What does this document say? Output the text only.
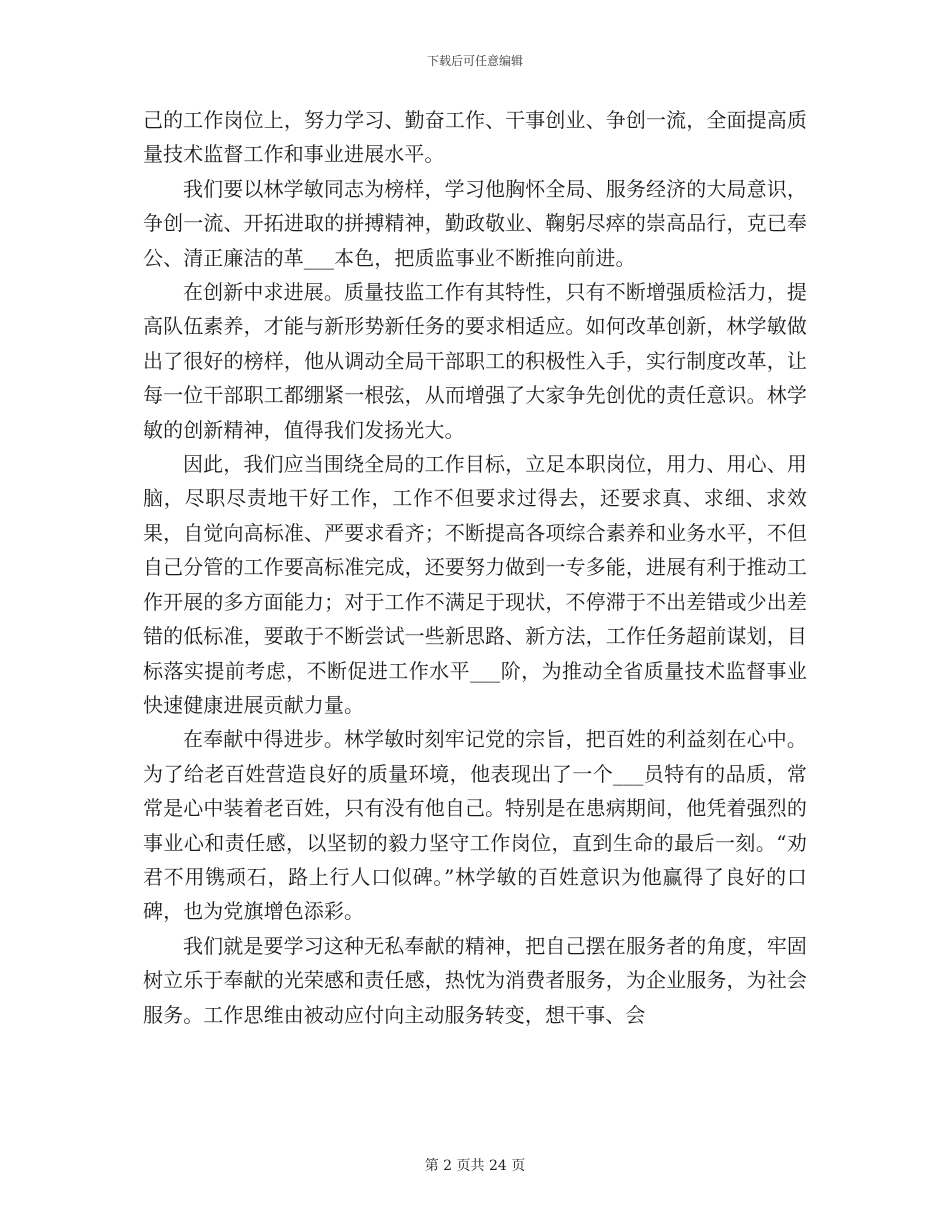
下载后可任意编辑

己的工作岗位上，努力学习、勤奋工作、干事创业、争创一流，全面提高质量技术监督工作和事业进展水平。

我们要以林学敏同志为榜样，学习他胸怀全局、服务经济的大局意识，争创一流、开拓进取的拼搏精神，勤政敬业、鞠躬尽瘁的崇高品行，克已奉公、清正廉洁的革___本色，把质监事业不断推向前进。

在创新中求进展。质量技监工作有其特性，只有不断增强质检活力，提高队伍素养，才能与新形势新任务的要求相适应。如何改革创新，林学敏做出了很好的榜样，他从调动全局干部职工的积极性入手，实行制度改革，让每一位干部职工都绷紧一根弦，从而增强了大家争先创优的责任意识。林学敏的创新精神，值得我们发扬光大。

因此，我们应当围绕全局的工作目标，立足本职岗位，用力、用心、用脑，尽职尽责地干好工作，工作不但要求过得去，还要求真、求细、求效果，自觉向高标准、严要求看齐；不断提高各项综合素养和业务水平，不但自己分管的工作要高标准完成，还要努力做到一专多能，进展有利于推动工作开展的多方面能力；对于工作不满足于现状，不停滞于不出差错或少出差错的低标准，要敢于不断尝试一些新思路、新方法，工作任务超前谋划，目标落实提前考虑，不断促进工作水平___阶，为推动全省质量技术监督事业快速健康进展贡献力量。

在奉献中得进步。林学敏时刻牢记党的宗旨，把百姓的利益刻在心中。为了给老百姓营造良好的质量环境，他表现出了一个___员特有的品质，常常是心中装着老百姓，只有没有他自己。特别是在患病期间，他凭着强烈的事业心和责任感，以坚韧的毅力坚守工作岗位，直到生命的最后一刻。“劝君不用镌顽石，路上行人口似碑。”林学敏的百姓意识为他赢得了良好的口碑，也为党旗增色添彩。

我们就是要学习这种无私奉献的精神，把自己摆在服务者的角度，牢固树立乐于奉献的光荣感和责任感，热忱为消费者服务，为企业服务，为社会服务。工作思维由被动应付向主动服务转变，想干事、会

第 2 页共 24 页
